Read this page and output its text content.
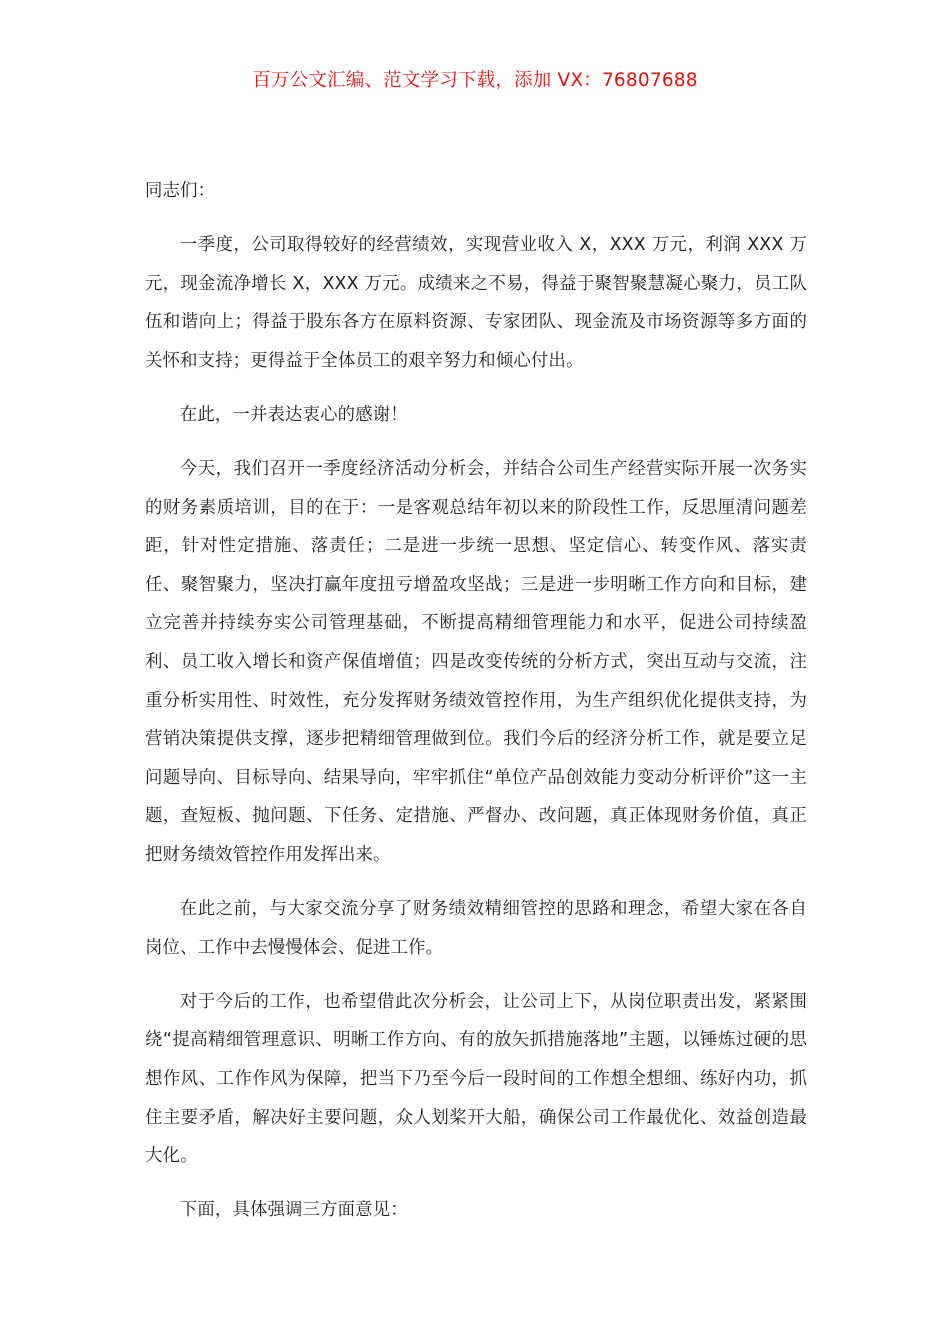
百万公文汇编、范文学习下载，添加 VX：76807688

同志们：

一季度，公司取得较好的经营绩效，实现营业收入 X，XXX 万元，利润 XXX 万元，现金流净增长 X，XXX 万元。成绩来之不易，得益于聚智聚慧凝心聚力，员工队伍和谐向上；得益于股东各方在原料资源、专家团队、现金流及市场资源等多方面的关怀和支持；更得益于全体员工的艰辛努力和倾心付出。

在此，一并表达衷心的感谢！

今天，我们召开一季度经济活动分析会，并结合公司生产经营实际开展一次务实的财务素质培训，目的在于：一是客观总结年初以来的阶段性工作，反思厘清问题差距，针对性定措施、落责任；二是进一步统一思想、坚定信心、转变作风、落实责任、聚智聚力，坚决打赢年度扭亏增盈攻坚战；三是进一步明晰工作方向和目标，建立完善并持续夯实公司管理基础，不断提高精细管理能力和水平，促进公司持续盈利、员工收入增长和资产保值增值；四是改变传统的分析方式，突出互动与交流，注重分析实用性、时效性，充分发挥财务绩效管控作用，为生产组织优化提供支持，为营销决策提供支撑，逐步把精细管理做到位。我们今后的经济分析工作，就是要立足问题导向、目标导向、结果导向，牢牢抓住“单位产品创效能力变动分析评价”这一主题，查短板、抛问题、下任务、定措施、严督办、改问题，真正体现财务价值，真正把财务绩效管控作用发挥出来。

在此之前，与大家交流分享了财务绩效精细管控的思路和理念，希望大家在各自岗位、工作中去慢慢体会、促进工作。

对于今后的工作，也希望借此次分析会，让公司上下，从岗位职责出发，紧紧围绕“提高精细管理意识、明晰工作方向、有的放矢抓措施落地”主题，以锤炼过硬的思想作风、工作作风为保障，把当下乃至今后一段时间的工作想全想细、练好内功，抓住主要矛盾，解决好主要问题，众人划桨开大船，确保公司工作最优化、效益创造最大化。

下面，具体强调三方面意见：
